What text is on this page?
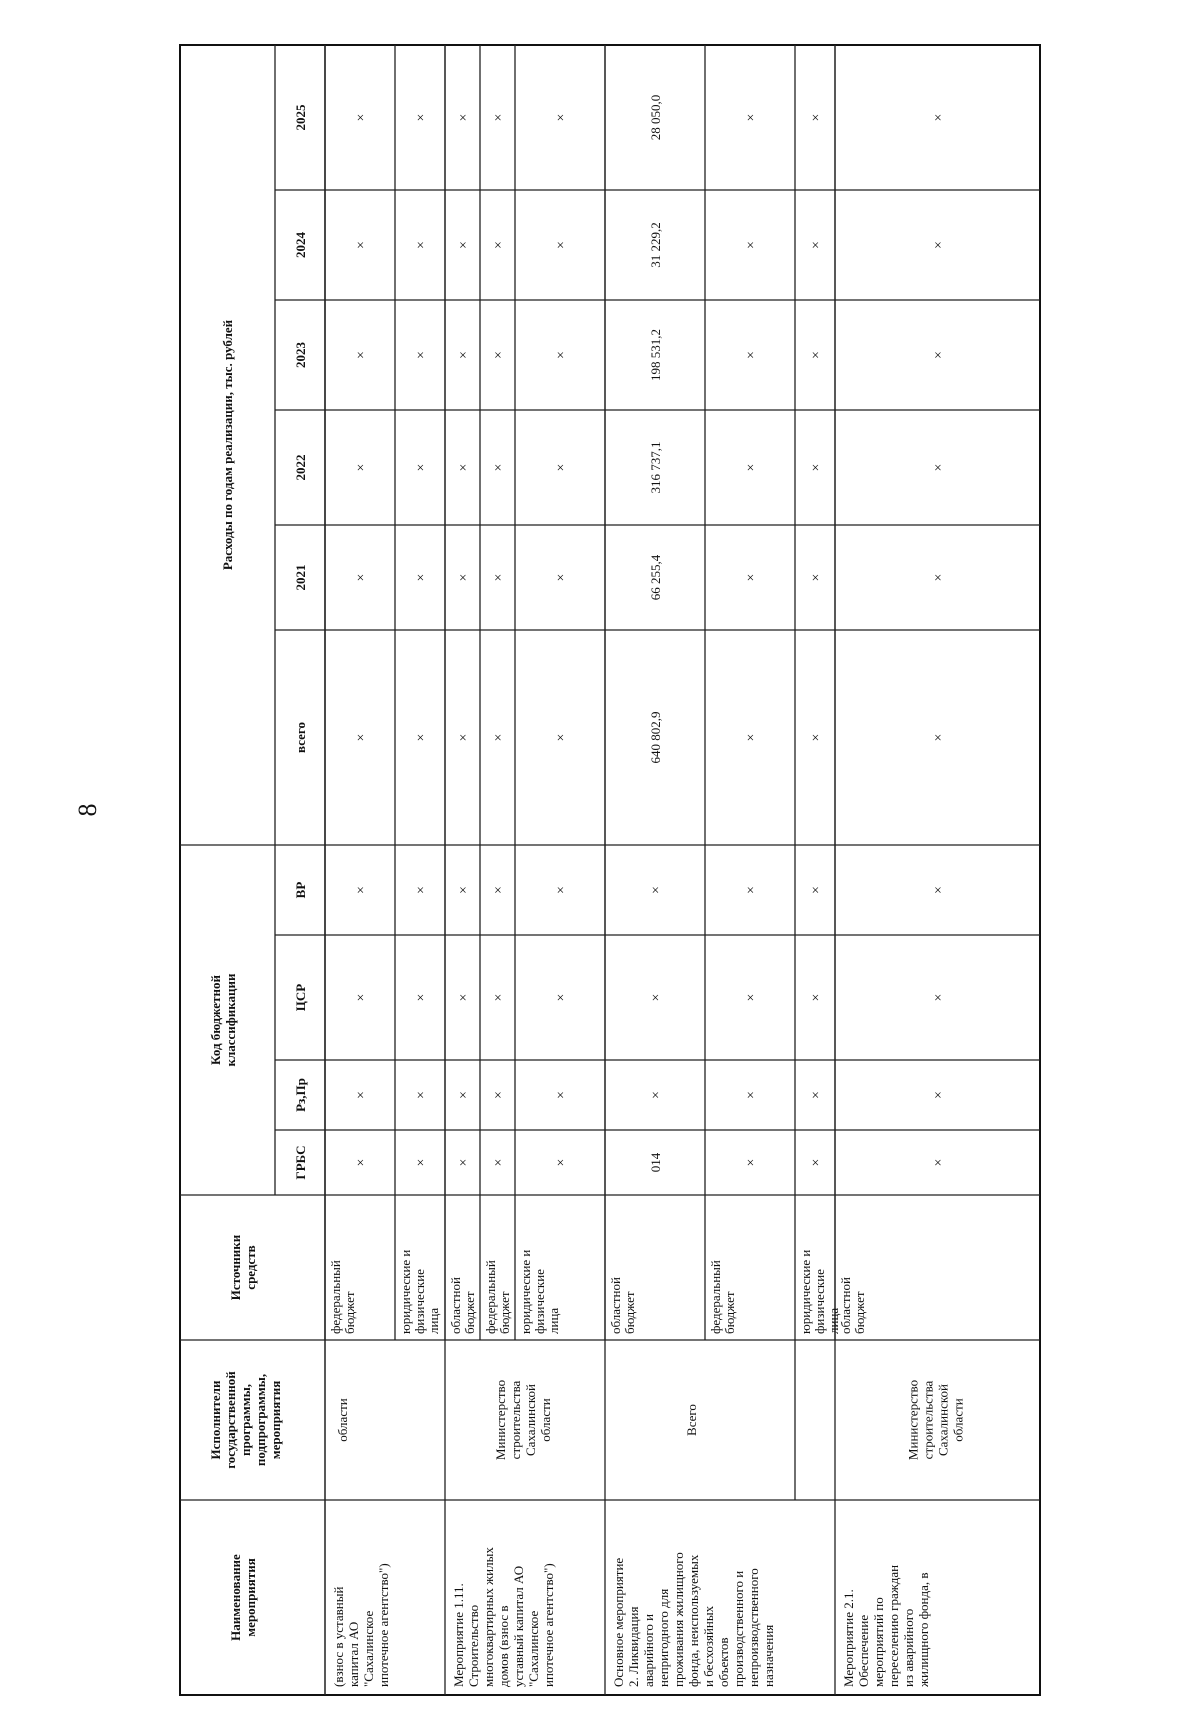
8
Наименованиемероприятия
Исполнителигосударственнойпрограммы,подпрограммы,мероприятия
Источникисредств
Код бюджетнойклассификации
Расходы по годам реализации, тыс. рублей
ГРБС
Рз,Пр
ЦСР
ВР
всего
2021
2022
2023
2024
2025
(взнос в уставныйкапитал АО"Сахалинскоеипотечное агентство")
области
Мероприятие 1.11.Строительствомногоквартирных жилыхдомов (взнос вуставный капитал АО"Сахалинскоеипотечное агентство")
МинистерствостроительстваСахалинскойобласти
Основное мероприятие2. Ликвидацияаварийного инепригодного дляпроживания жилищногофонда, неиспользуемыхи бесхозяйныхобъектовпроизводственного инепроизводственногоназначения
Всего
Мероприятие 2.1.Обеспечениемероприятий попереселению гражданиз аварийногожилищного фонда, в
МинистерствостроительстваСахалинскойобласти
федеральныйбюджет
×
×
×
×
×
×
×
×
×
×
юридические ифизическиелица
×
×
×
×
×
×
×
×
×
×
областнойбюджет
×
×
×
×
×
×
×
×
×
×
федеральныйбюджет
×
×
×
×
×
×
×
×
×
×
юридические ифизическиелица
×
×
×
×
×
×
×
×
×
×
областнойбюджет
014
×
×
×
640 802,9
66 255,4
316 737,1
198 531,2
31 229,2
28 050,0
федеральныйбюджет
×
×
×
×
×
×
×
×
×
×
юридические ифизическиелица
×
×
×
×
×
×
×
×
×
×
областнойбюджет
×
×
×
×
×
×
×
×
×
×
